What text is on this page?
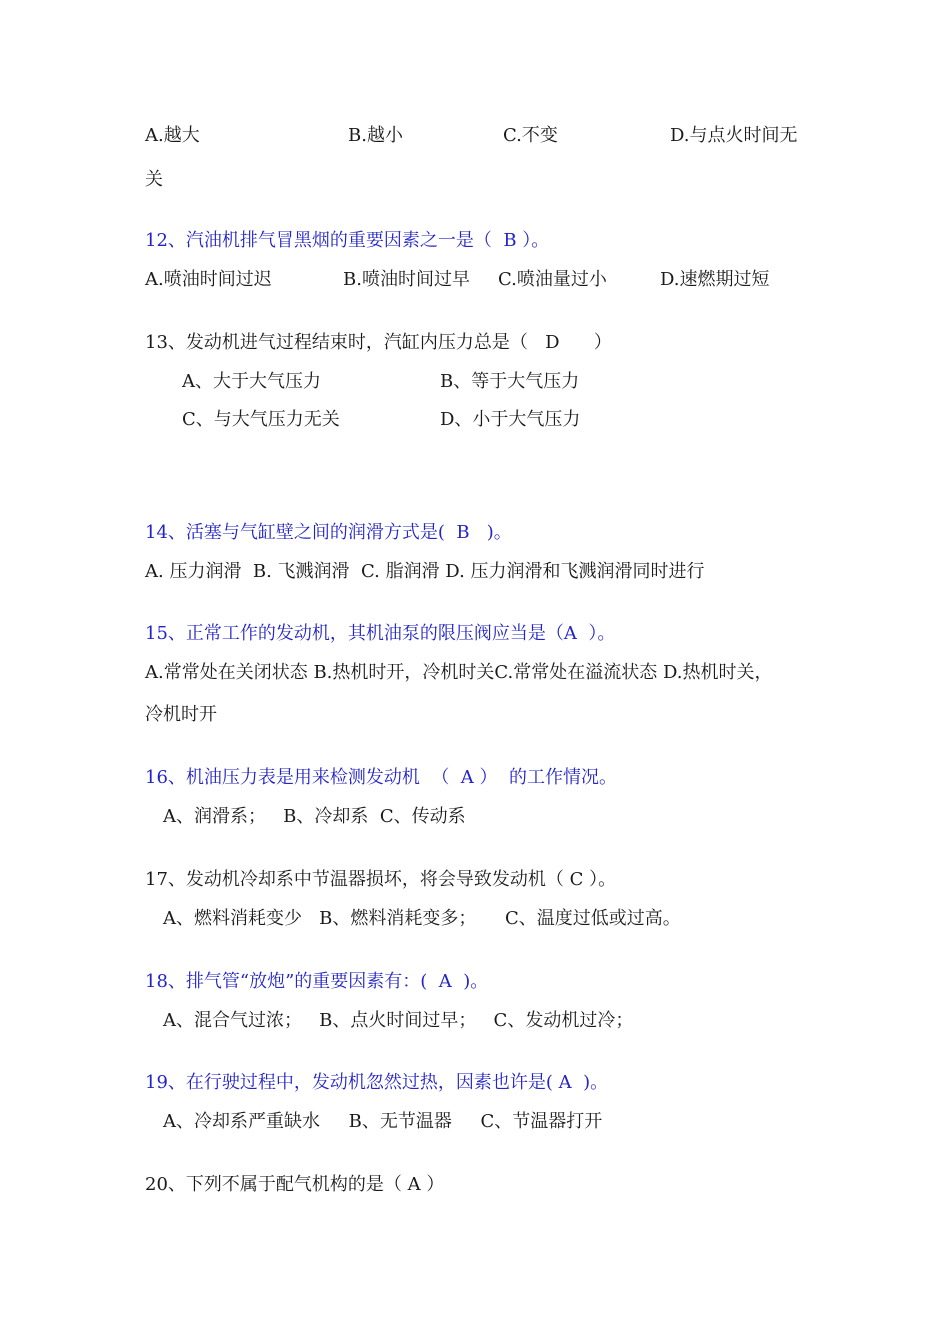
A.越大	B.越小	C.不变	D.与点火时间无
关
12、汽油机排气冒黑烟的重要因素之一是（  B ）。
A.喷油时间过迟	B.喷油时间过早 C.喷油量过小	D.速燃期过短
13、发动机进气过程结束时，汽缸内压力总是（   D      ）
A、大于大气压力	B、等于大气压力
C、与大气压力无关	D、小于大气压力
14、活塞与气缸壁之间的润滑方式是(  B   )。
A. 压力润滑  B. 飞溅润滑  C. 脂润滑 D. 压力润滑和飞溅润滑同时进行
15、正常工作的发动机，其机油泵的限压阀应当是（A  ）。
A.常常处在关闭状态 B.热机时开，冷机时关C.常常处在溢流状态 D.热机时关，
冷机时开
16、机油压力表是用来检测发动机  （  A ）  的工作情况。
A、润滑系；   B、冷却系  C、传动系
17、发动机冷却系中节温器损坏，将会导致发动机（ C ）。
A、燃料消耗变少   B、燃料消耗变多；     C、温度过低或过高。
18、排气管“放炮”的重要因素有：(  A  )。
A、混合气过浓；   B、点火时间过早；   C、发动机过冷；
19、在行驶过程中，发动机忽然过热，因素也许是( A  )。
A、冷却系严重缺水     B、无节温器     C、节温器打开
20、下列不属于配气机构的是（ A ）
